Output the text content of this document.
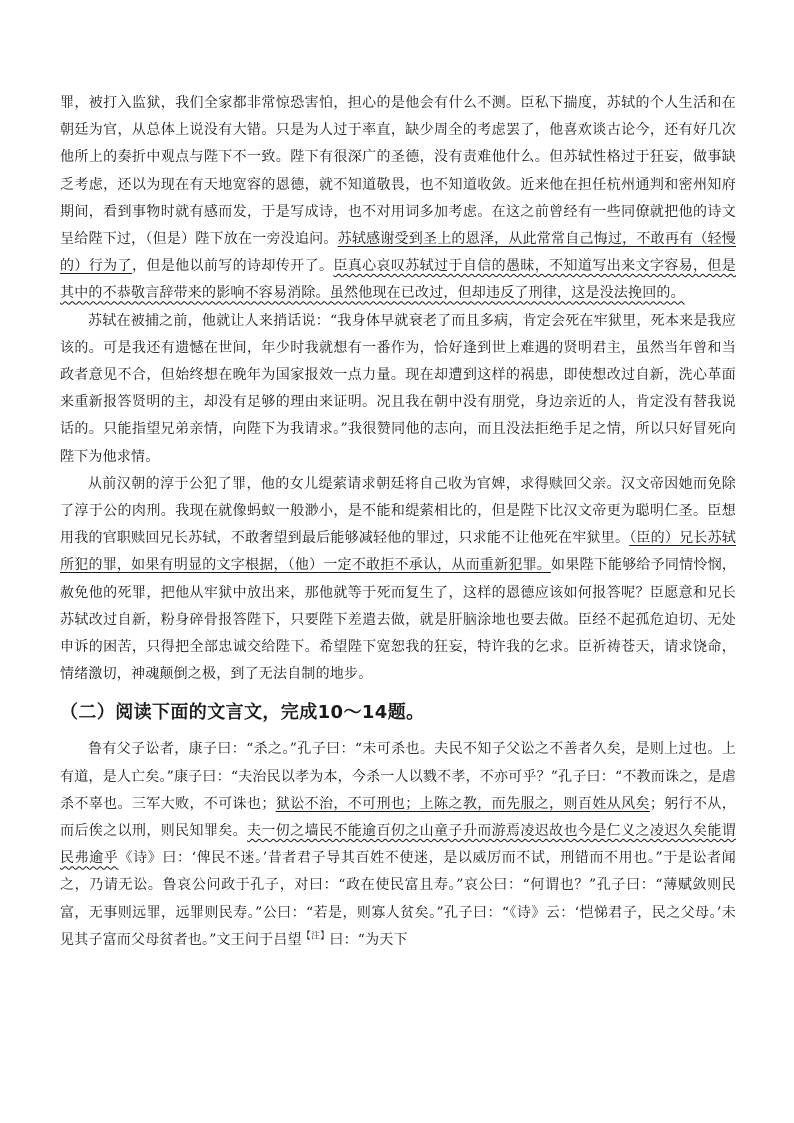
罪，被打入监狱，我们全家都非常惊恐害怕，担心的是他会有什么不测。臣私下揣度，苏轼的个人生活和在朝廷为官，从总体上说没有大错。只是为人过于率直，缺少周全的考虑罢了，他喜欢谈古论今，还有好几次他所上的奏折中观点与陛下不一致。陛下有很深广的圣德，没有责难他什么。但苏轼性格过于狂妄，做事缺乏考虑，还以为现在有天地宽容的恩德，就不知道敬畏，也不知道收敛。近来他在担任杭州通判和密州知府期间，看到事物时就有感而发，于是写成诗，也不对用词多加考虑。在这之前曾经有一些同僚就把他的诗文呈给陛下过，（但是）陛下放在一旁没追问。苏轼感谢受到圣上的恩泽，从此常常自己悔过，不敢再有（轻慢的）行为了，但是他以前写的诗却传开了。臣真心哀叹苏轼过于自信的愚昧，不知道写出来文字容易，但是其中的不恭敬言辞带来的影响不容易消除。虽然他现在已改过，但却违反了刑律，这是没法挽回的。

苏轼在被捕之前，他就让人来捎话说：“我身体早就衰老了而且多病，肯定会死在牢狱里，死本来是我应该的。可是我还有遗憾在世间，年少时我就想有一番作为，恰好逢到世上难遇的贤明君主，虽然当年曾和当政者意见不合，但始终想在晚年为国家报效一点力量。现在却遭到这样的祸患，即使想改过自新，洗心革面来重新报答贤明的主，却没有足够的理由来证明。况且我在朝中没有朋党，身边亲近的人，肯定没有替我说话的。只能指望兄弟亲情，向陛下为我请求。”我很赞同他的志向，而且没法拒绝手足之情，所以只好冒死向陛下为他求情。

从前汉朝的淳于公犯了罪，他的女儿缇萦请求朝廷将自己收为官婢，求得赎回父亲。汉文帝因她而免除了淳于公的肉刑。我现在就像蚂蚁一般渺小，是不能和缇萦相比的，但是陛下比汉文帝更为聪明仁圣。臣想用我的官职赎回兄长苏轼，不敢奢望到最后能够减轻他的罪过，只求能不让他死在牢狱里。（臣的）兄长苏轼所犯的罪，如果有明显的文字根据，（他）一定不敢拒不承认，从而重新犯罪。如果陛下能够给予同情怜悯，赦免他的死罪，把他从牢狱中放出来，那他就等于死而复生了，这样的恩德应该如何报答呢？臣愿意和兄长苏轼改过自新，粉身碎骨报答陛下，只要陛下差遣去做，就是肝脑涂地也要去做。臣经不起孤危迫切、无处申诉的困苦，只得把全部忠诚交给陛下。希望陛下宽恕我的狂妄，特许我的乞求。臣祈祷苍天，请求饶命，情绪激切，神魂颠倒之极，到了无法自制的地步。

（二）阅读下面的文言文，完成10～14题。

鲁有父子讼者，康子曰：“杀之。”孔子曰：“未可杀也。夫民不知子父讼之不善者久矣，是则上过也。上有道，是人亡矣。”康子曰：“夫治民以孝为本，今杀一人以戮不孝，不亦可乎？”孔子曰：“不教而诛之，是虐杀不辜也。三军大败，不可诛也；狱讼不治，不可刑也；上陈之教，而先服之，则百姓从风矣；躬行不从，而后俟之以刑，则民知罪矣。夫一仞之墙民不能逾百仞之山童子升而游焉凌迟故也今是仁义之凌迟久矣能谓民弗逾乎《诗》曰：‘俾民不迷。’昔者君子导其百姓不使迷，是以威厉而不试，刑错而不用也。”于是讼者闻之，乃请无讼。鲁哀公问政于孔子，对曰：“政在使民富且寿。”哀公曰：“何谓也？”孔子曰：“薄赋敛则民富，无事则远罪，远罪则民寿。”公曰：“若是，则寡人贫矣。”孔子曰：“《诗》云：‘恺悌君子，民之父母。’未见其子富而父母贫者也。”文王问于吕望$^{【注】}$曰：“为天下
